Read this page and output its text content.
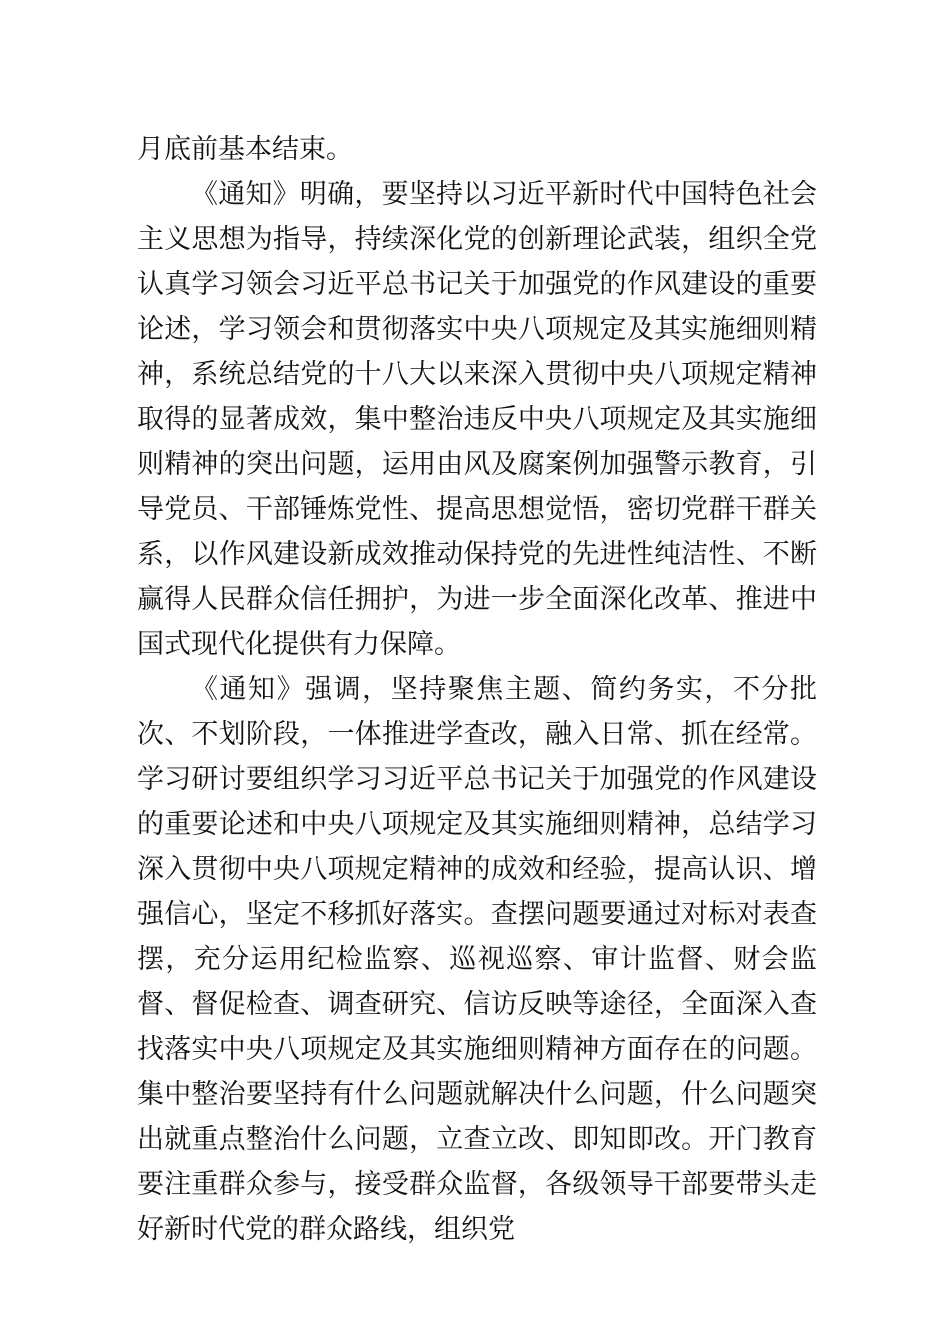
月底前基本结束。

《通知》明确，要坚持以习近平新时代中国特色社会主义思想为指导，持续深化党的创新理论武装，组织全党认真学习领会习近平总书记关于加强党的作风建设的重要论述，学习领会和贯彻落实中央八项规定及其实施细则精神，系统总结党的十八大以来深入贯彻中央八项规定精神取得的显著成效，集中整治违反中央八项规定及其实施细则精神的突出问题，运用由风及腐案例加强警示教育，引导党员、干部锤炼党性、提高思想觉悟，密切党群干群关系，以作风建设新成效推动保持党的先进性纯洁性、不断赢得人民群众信任拥护，为进一步全面深化改革、推进中国式现代化提供有力保障。

《通知》强调，坚持聚焦主题、简约务实，不分批次、不划阶段，一体推进学查改，融入日常、抓在经常。学习研讨要组织学习习近平总书记关于加强党的作风建设的重要论述和中央八项规定及其实施细则精神，总结学习深入贯彻中央八项规定精神的成效和经验，提高认识、增强信心，坚定不移抓好落实。查摆问题要通过对标对表查摆，充分运用纪检监察、巡视巡察、审计监督、财会监督、督促检查、调查研究、信访反映等途径，全面深入查找落实中央八项规定及其实施细则精神方面存在的问题。集中整治要坚持有什么问题就解决什么问题，什么问题突出就重点整治什么问题，立查立改、即知即改。开门教育要注重群众参与，接受群众监督，各级领导干部要带头走好新时代党的群众路线，组织党
